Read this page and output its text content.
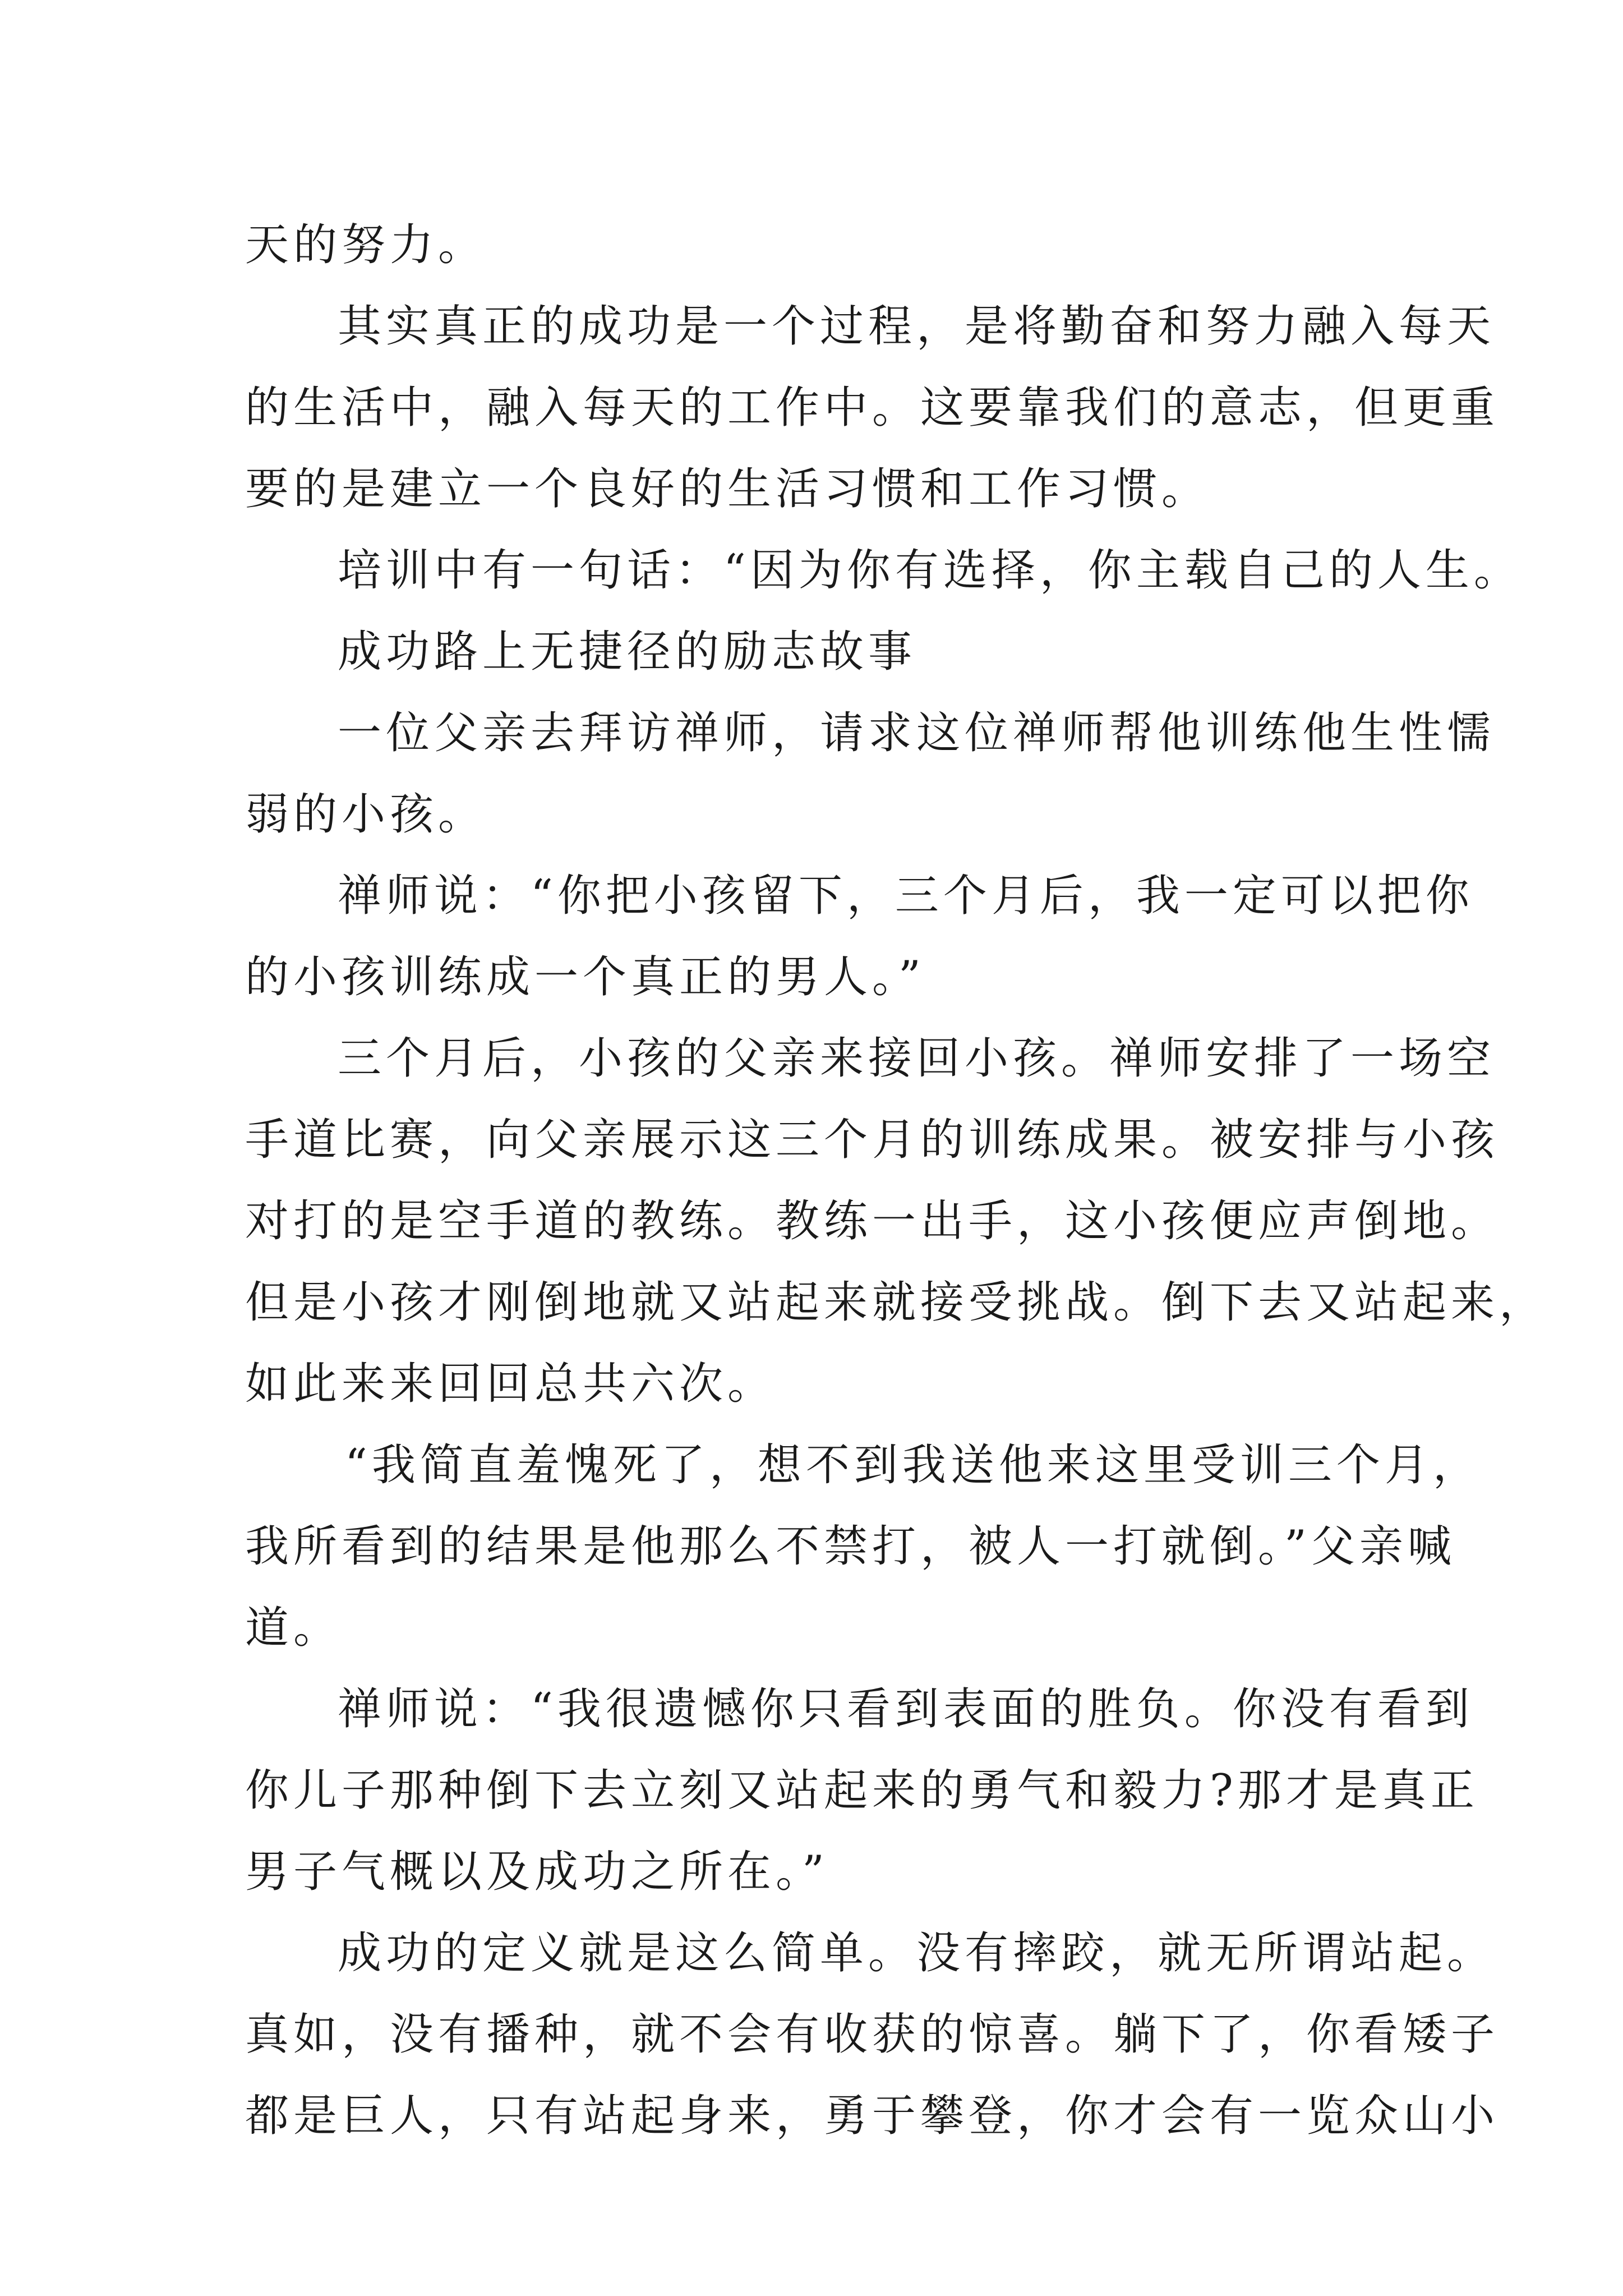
天的努力。
其实真正的成功是一个过程，是将勤奋和努力融入每天
的生活中，融入每天的工作中。这要靠我们的意志，但更重
要的是建立一个良好的生活习惯和工作习惯。
培训中有一句话：“因为你有选择，你主载自己的人生。
成功路上无捷径的励志故事
一位父亲去拜访禅师，请求这位禅师帮他训练他生性懦
弱的小孩。
禅师说：“你把小孩留下，三个月后，我一定可以把你
的小孩训练成一个真正的男人。”
三个月后，小孩的父亲来接回小孩。禅师安排了一场空
手道比赛，向父亲展示这三个月的训练成果。被安排与小孩
对打的是空手道的教练。教练一出手，这小孩便应声倒地。
但是小孩才刚倒地就又站起来就接受挑战。倒下去又站起来，
如此来来回回总共六次。
“我简直羞愧死了，想不到我送他来这里受训三个月，
我所看到的结果是他那么不禁打，被人一打就倒。”父亲喊
道。
禅师说：“我很遗憾你只看到表面的胜负。你没有看到
你儿子那种倒下去立刻又站起来的勇气和毅力?那才是真正
男子气概以及成功之所在。”
成功的定义就是这么简单。没有摔跤，就无所谓站起。
真如，没有播种，就不会有收获的惊喜。躺下了，你看矮子
都是巨人，只有站起身来，勇于攀登，你才会有一览众山小
